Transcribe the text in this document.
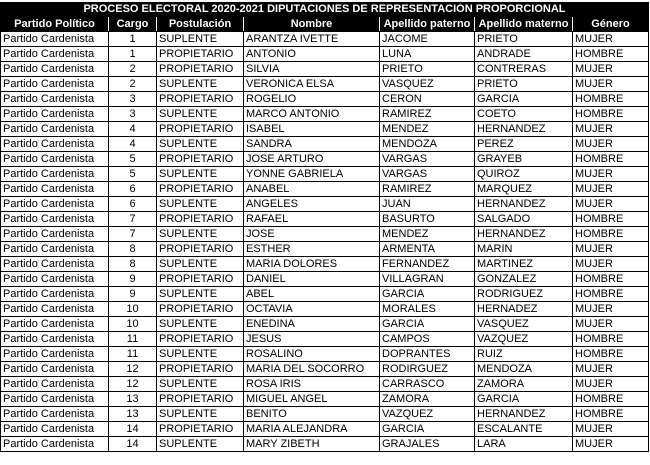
PROCESO ELECTORAL 2020-2021 DIPUTACIONES DE REPRESENTACIÓN PROPORCIONAL						
Partido Político	Cargo	Postulación	Nombre	Apellido paterno	Apellido materno	Género
Partido Cardenista	1	SUPLENTE	ARANTZA IVETTE	JACOME	PRIETO	MUJER
Partido Cardenista	1	PROPIETARIO	ANTONIO	LUNA	ANDRADE	HOMBRE
Partido Cardenista	2	PROPIETARIO	SILVIA	PRIETO	CONTRERAS	MUJER
Partido Cardenista	2	SUPLENTE	VERONICA ELSA	VASQUEZ	PRIETO	MUJER
Partido Cardenista	3	PROPIETARIO	ROGELIO	CERON	GARCIA	HOMBRE
Partido Cardenista	3	SUPLENTE	MARCO ANTONIO	RAMIREZ	COETO	HOMBRE
Partido Cardenista	4	PROPIETARIO	ISABEL	MENDEZ	HERNANDEZ	MUJER
Partido Cardenista	4	SUPLENTE	SANDRA	MENDOZA	PEREZ	MUJER
Partido Cardenista	5	PROPIETARIO	JOSE ARTURO	VARGAS	GRAYEB	HOMBRE
Partido Cardenista	5	SUPLENTE	YONNE GABRIELA	VARGAS	QUIROZ	MUJER
Partido Cardenista	6	PROPIETARIO	ANABEL	RAMIREZ	MARQUEZ	MUJER
Partido Cardenista	6	SUPLENTE	ANGELES	JUAN	HERNANDEZ	MUJER
Partido Cardenista	7	PROPIETARIO	RAFAEL	BASURTO	SALGADO	HOMBRE
Partido Cardenista	7	SUPLENTE	JOSE	MENDEZ	HERNANDEZ	HOMBRE
Partido Cardenista	8	PROPIETARIO	ESTHER	ARMENTA	MARIN	MUJER
Partido Cardenista	8	SUPLENTE	MARIA DOLORES	FERNANDEZ	MARTINEZ	MUJER
Partido Cardenista	9	PROPIETARIO	DANIEL	VILLAGRAN	GONZALEZ	HOMBRE
Partido Cardenista	9	SUPLENTE	ABEL	GARCIA	RODRIGUEZ	HOMBRE
Partido Cardenista	10	PROPIETARIO	OCTAVIA	MORALES	HERNADEZ	MUJER
Partido Cardenista	10	SUPLENTE	ENEDINA	GARCIA	VASQUEZ	MUJER
Partido Cardenista	11	PROPIETARIO	JESUS	CAMPOS	VAZQUEZ	HOMBRE
Partido Cardenista	11	SUPLENTE	ROSALINO	DOPRANTES	RUIZ	HOMBRE
Partido Cardenista	12	PROPIETARIO	MARIA DEL SOCORRO	RODIRGUEZ	MENDOZA	MUJER
Partido Cardenista	12	SUPLENTE	ROSA IRIS	CARRASCO	ZAMORA	MUJER
Partido Cardenista	13	PROPIETARIO	MIGUEL ANGEL	ZAMORA	GARCIA	HOMBRE
Partido Cardenista	13	SUPLENTE	BENITO	VAZQUEZ	HERNANDEZ	HOMBRE
Partido Cardenista	14	PROPIETARIO	MARIA ALEJANDRA	GARCIA	ESCALANTE	MUJER
Partido Cardenista	14	SUPLENTE	MARY ZIBETH	GRAJALES	LARA	MUJER
